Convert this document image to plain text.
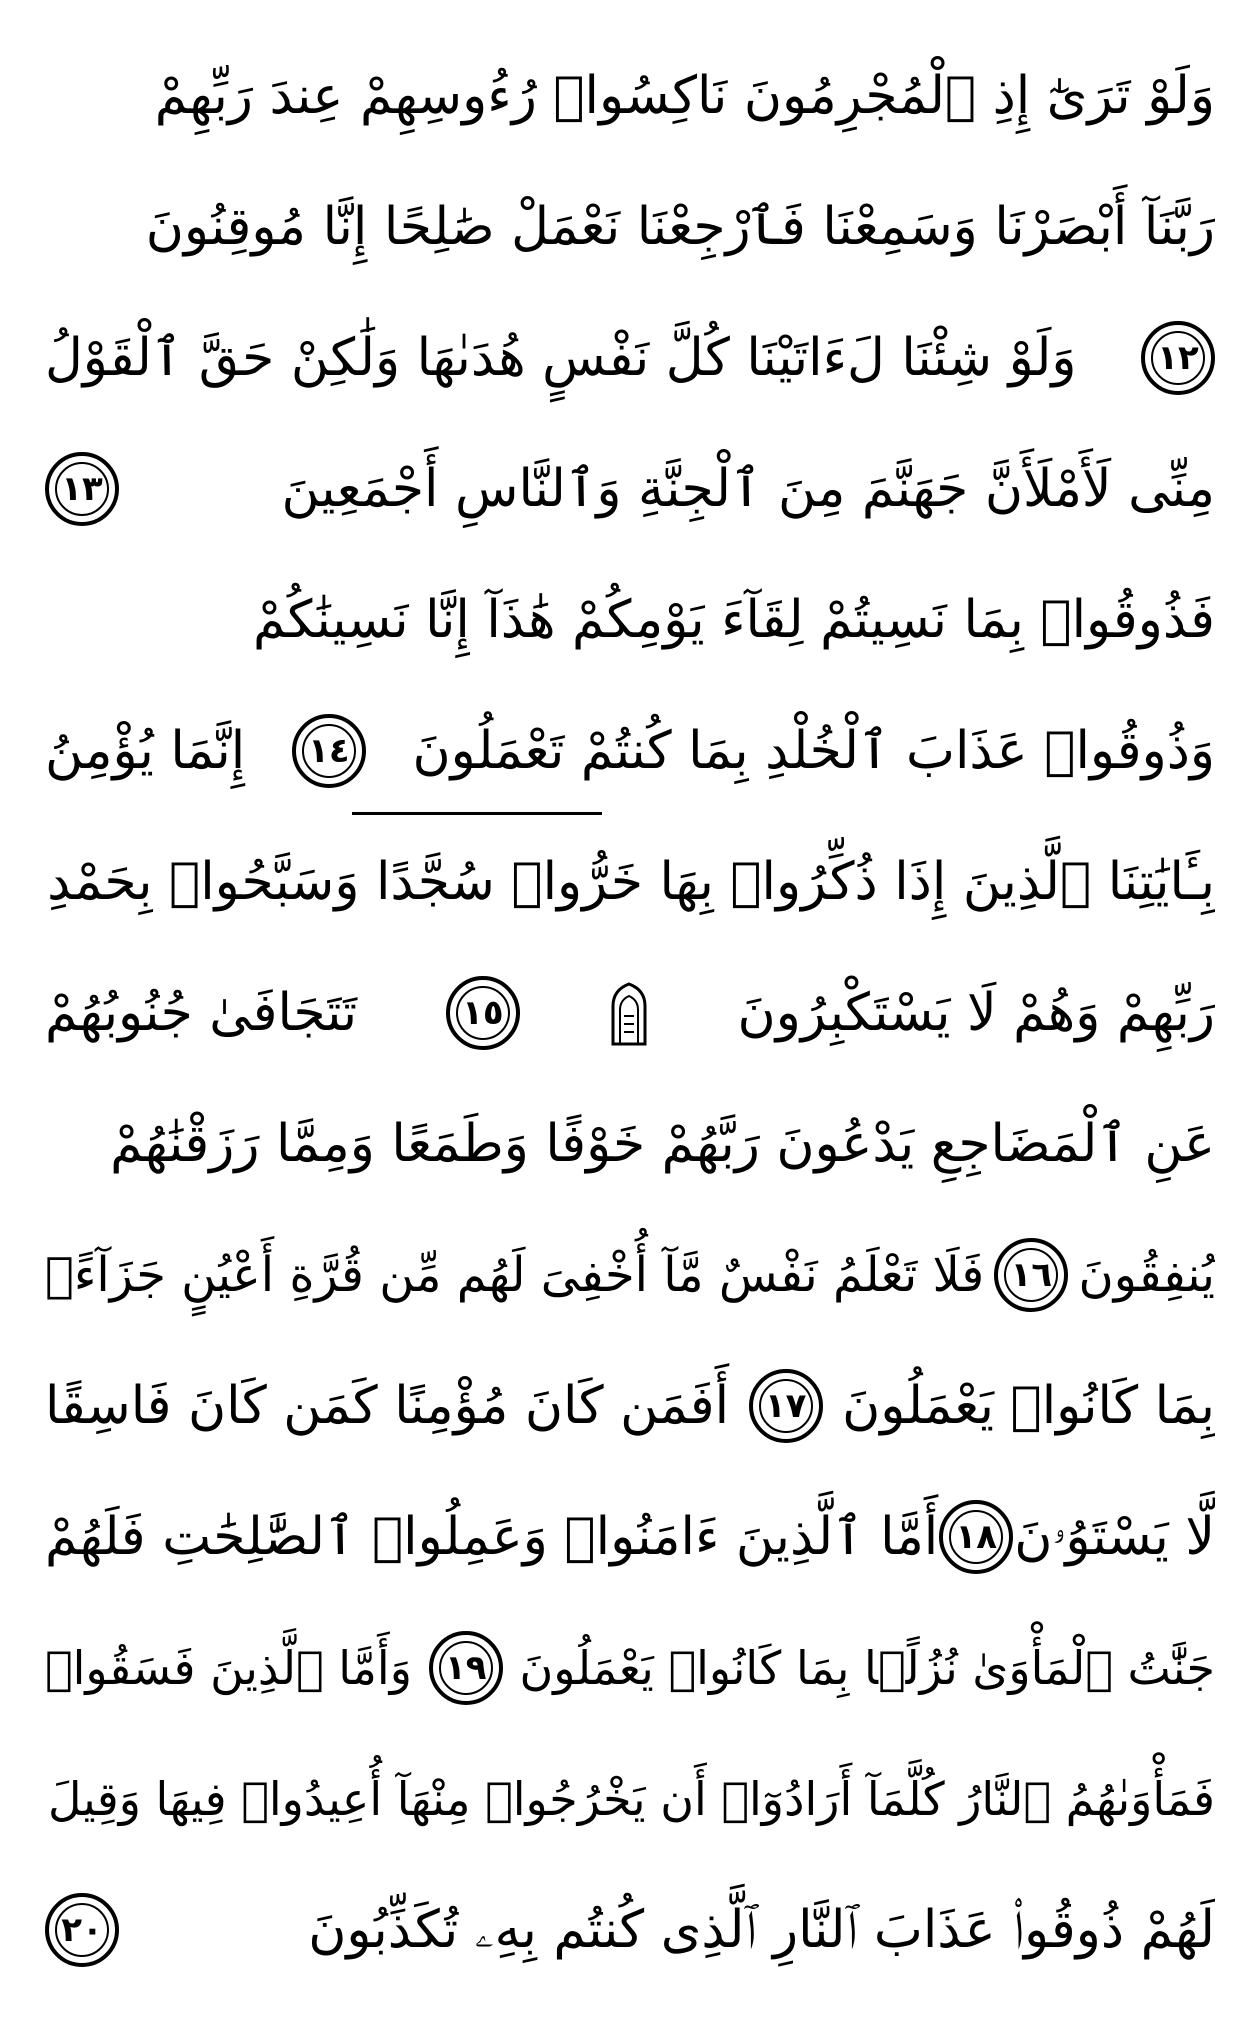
وَلَوْ تَرَىٰٓ إِذِ ٱلْمُجْرِمُونَ نَاكِسُوا۟ رُءُوسِهِمْ عِندَ رَبِّهِمْ
رَبَّنَآ أَبْصَرْنَا وَسَمِعْنَا فَٱرْجِعْنَا نَعْمَلْ صَٰلِحًا إِنَّا مُوقِنُونَ
١٢
وَلَوْ شِئْنَا لَءَاتَيْنَا كُلَّ نَفْسٍ هُدَىٰهَا وَلَٰكِنْ حَقَّ ٱلْقَوْلُ
مِنِّى لَأَمْلَأَنَّ جَهَنَّمَ مِنَ ٱلْجِنَّةِ وَٱلنَّاسِ أَجْمَعِينَ
١٣
فَذُوقُوا۟ بِمَا نَسِيتُمْ لِقَآءَ يَوْمِكُمْ هَٰذَآ إِنَّا نَسِينَٰكُمْ
وَذُوقُوا۟ عَذَابَ ٱلْخُلْدِ بِمَا كُنتُمْ تَعْمَلُونَ
١٤
إِنَّمَا يُؤْمِنُ
بِـَٔايَٰتِنَا ٱلَّذِينَ إِذَا ذُكِّرُوا۟ بِهَا خَرُّوا۟ سُجَّدًا وَسَبَّحُوا۟ بِحَمْدِ
رَبِّهِمْ وَهُمْ لَا يَسْتَكْبِرُونَ
١٥
تَتَجَافَىٰ جُنُوبُهُمْ
عَنِ ٱلْمَضَاجِعِ يَدْعُونَ رَبَّهُمْ خَوْفًا وَطَمَعًا وَمِمَّا رَزَقْنَٰهُمْ
يُنفِقُونَ
١٦
فَلَا تَعْلَمُ نَفْسٌ مَّآ أُخْفِىَ لَهُم مِّن قُرَّةِ أَعْيُنٍ جَزَآءًۢ
بِمَا كَانُوا۟ يَعْمَلُونَ
١٧
أَفَمَن كَانَ مُؤْمِنًا كَمَن كَانَ فَاسِقًا
لَّا يَسْتَوُۥنَ
١٨
أَمَّا ٱلَّذِينَ ءَامَنُوا۟ وَعَمِلُوا۟ ٱلصَّٰلِحَٰتِ فَلَهُمْ
جَنَّٰتُ ٱلْمَأْوَىٰ نُزُلًۢا بِمَا كَانُوا۟ يَعْمَلُونَ
١٩
وَأَمَّا ٱلَّذِينَ فَسَقُوا۟
فَمَأْوَىٰهُمُ ٱلنَّارُ كُلَّمَآ أَرَادُوٓا۟ أَن يَخْرُجُوا۟ مِنْهَآ أُعِيدُوا۟ فِيهَا وَقِيلَ
لَهُمْ ذُوقُوا۟ عَذَابَ ٱلنَّارِ ٱلَّذِى كُنتُم بِهِۦ تُكَذِّبُونَ
٢٠
